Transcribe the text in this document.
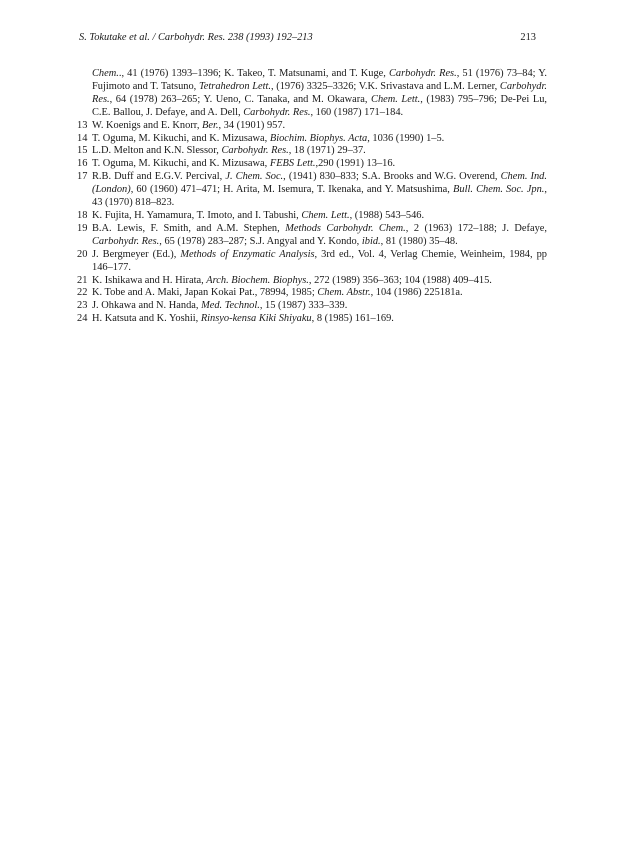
S. Tokutake et al. / Carbohydr. Res. 238 (1993) 192–213	213
Chem.., 41 (1976) 1393–1396; K. Takeo, T. Matsunami, and T. Kuge, Carbohydr. Res., 51 (1976) 73–84; Y. Fujimoto and T. Tatsuno, Tetrahedron Lett., (1976) 3325–3326; V.K. Srivastava and L.M. Lerner, Carbohydr. Res., 64 (1978) 263–265; Y. Ueno, C. Tanaka, and M. Okawara, Chem. Lett., (1983) 795–796; De-Pei Lu, C.E. Ballou, J. Defaye, and A. Dell, Carbohydr. Res., 160 (1987) 171–184.
13 W. Koenigs and E. Knorr, Ber., 34 (1901) 957.
14 T. Oguma, M. Kikuchi, and K. Mizusawa, Biochim. Biophys. Acta, 1036 (1990) 1–5.
15 L.D. Melton and K.N. Slessor, Carbohydr. Res., 18 (1971) 29–37.
16 T. Oguma, M. Kikuchi, and K. Mizusawa, FEBS Lett.,290 (1991) 13–16.
17 R.B. Duff and E.G.V. Percival, J. Chem. Soc., (1941) 830–833; S.A. Brooks and W.G. Overend, Chem. Ind. (London), 60 (1960) 471–471; H. Arita, M. Isemura, T. Ikenaka, and Y. Matsushima, Bull. Chem. Soc. Jpn., 43 (1970) 818–823.
18 K. Fujita, H. Yamamura, T. Imoto, and I. Tabushi, Chem. Lett., (1988) 543–546.
19 B.A. Lewis, F. Smith, and A.M. Stephen, Methods Carbohydr. Chem., 2 (1963) 172–188; J. Defaye, Carbohydr. Res., 65 (1978) 283–287; S.J. Angyal and Y. Kondo, ibid., 81 (1980) 35–48.
20 J. Bergmeyer (Ed.), Methods of Enzymatic Analysis, 3rd ed., Vol. 4, Verlag Chemie, Weinheim, 1984, pp 146–177.
21 K. Ishikawa and H. Hirata, Arch. Biochem. Biophys., 272 (1989) 356–363; 104 (1988) 409–415.
22 K. Tobe and A. Maki, Japan Kokai Pat., 78994, 1985; Chem. Abstr., 104 (1986) 225181a.
23 J. Ohkawa and N. Handa, Med. Technol., 15 (1987) 333–339.
24 H. Katsuta and K. Yoshii, Rinsyo-kensa Kiki Shiyaku, 8 (1985) 161–169.
